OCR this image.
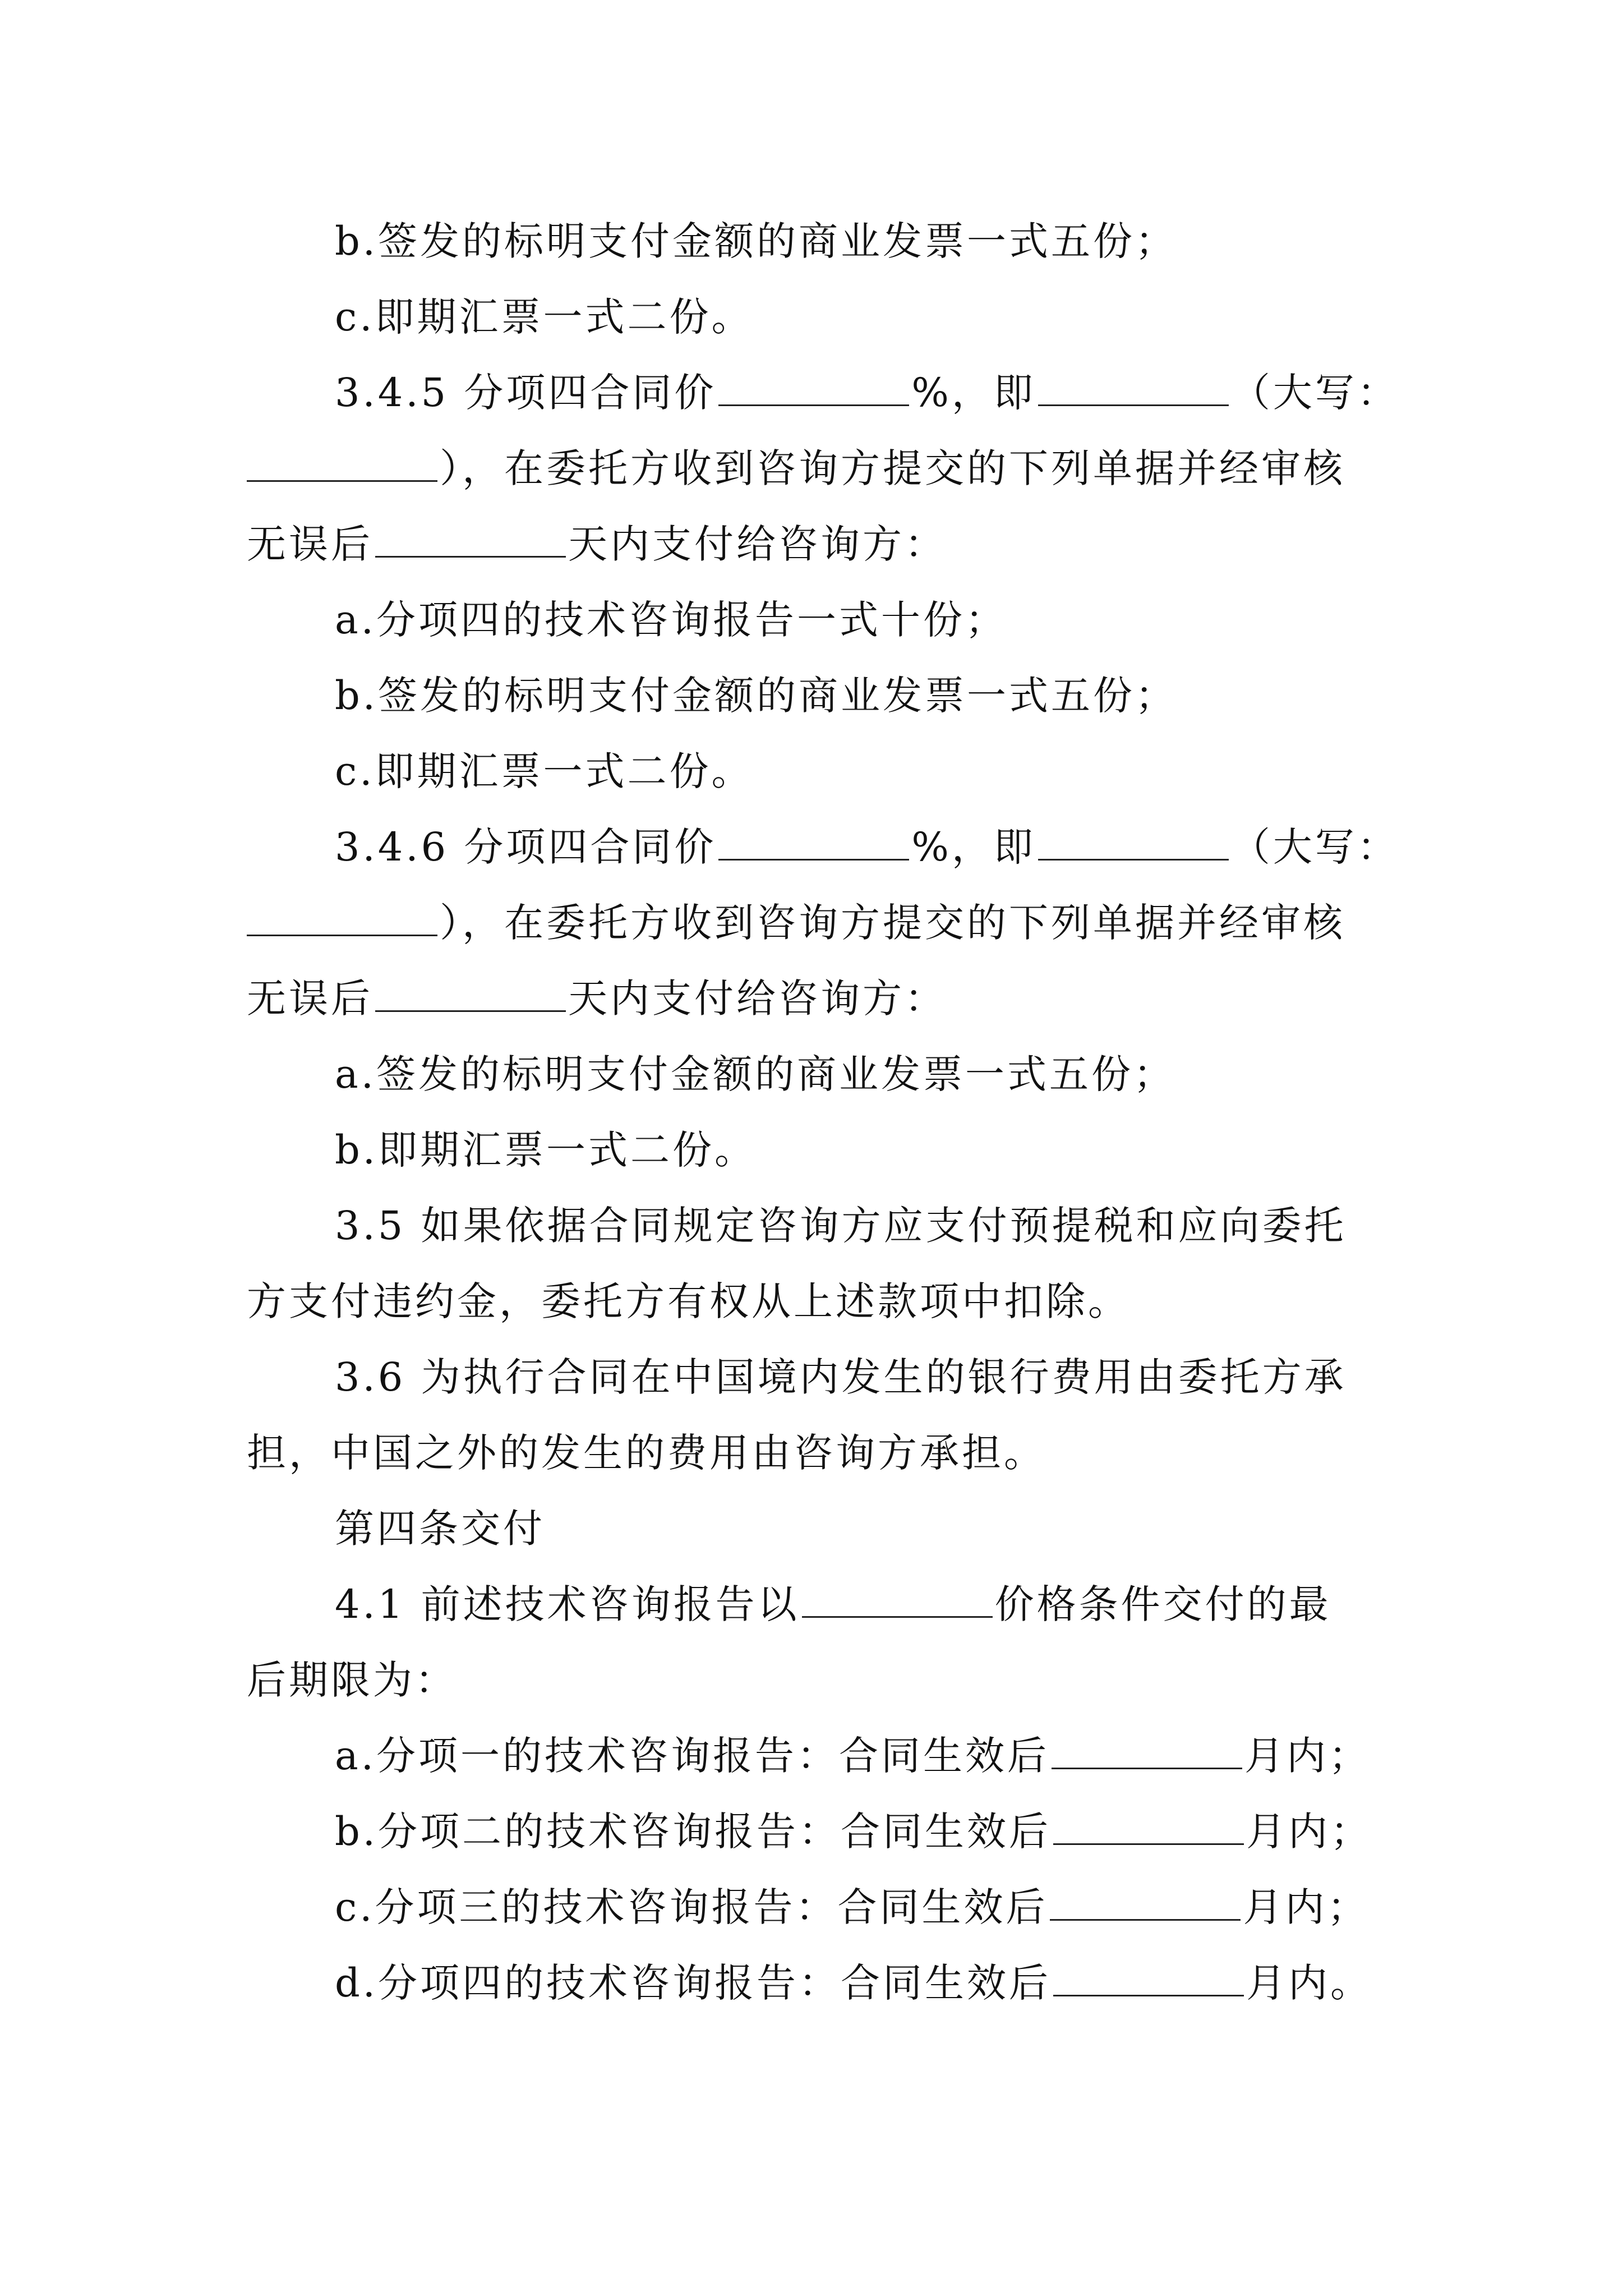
b.签发的标明支付金额的商业发票一式五份；
c.即期汇票一式二份。
3.4.5 分项四合同价	%，即	（大写：
），在委托方收到咨询方提交的下列单据并经审核
无误后	天内支付给咨询方：
a.分项四的技术咨询报告一式十份；
b.签发的标明支付金额的商业发票一式五份；
c.即期汇票一式二份。
3.4.6 分项四合同价	%，即	（大写：
），在委托方收到咨询方提交的下列单据并经审核
无误后	天内支付给咨询方：
a.签发的标明支付金额的商业发票一式五份；
b.即期汇票一式二份。
3.5 如果依据合同规定咨询方应支付预提税和应向委托
方支付违约金，委托方有权从上述款项中扣除。
3.6 为执行合同在中国境内发生的银行费用由委托方承
担，中国之外的发生的费用由咨询方承担。
第四条交付
4.1 前述技术咨询报告以	价格条件交付的最
后期限为：
a.分项一的技术咨询报告：合同生效后	月内；
b.分项二的技术咨询报告：合同生效后	月内；
c.分项三的技术咨询报告：合同生效后	月内；
d.分项四的技术咨询报告：合同生效后	月内。
